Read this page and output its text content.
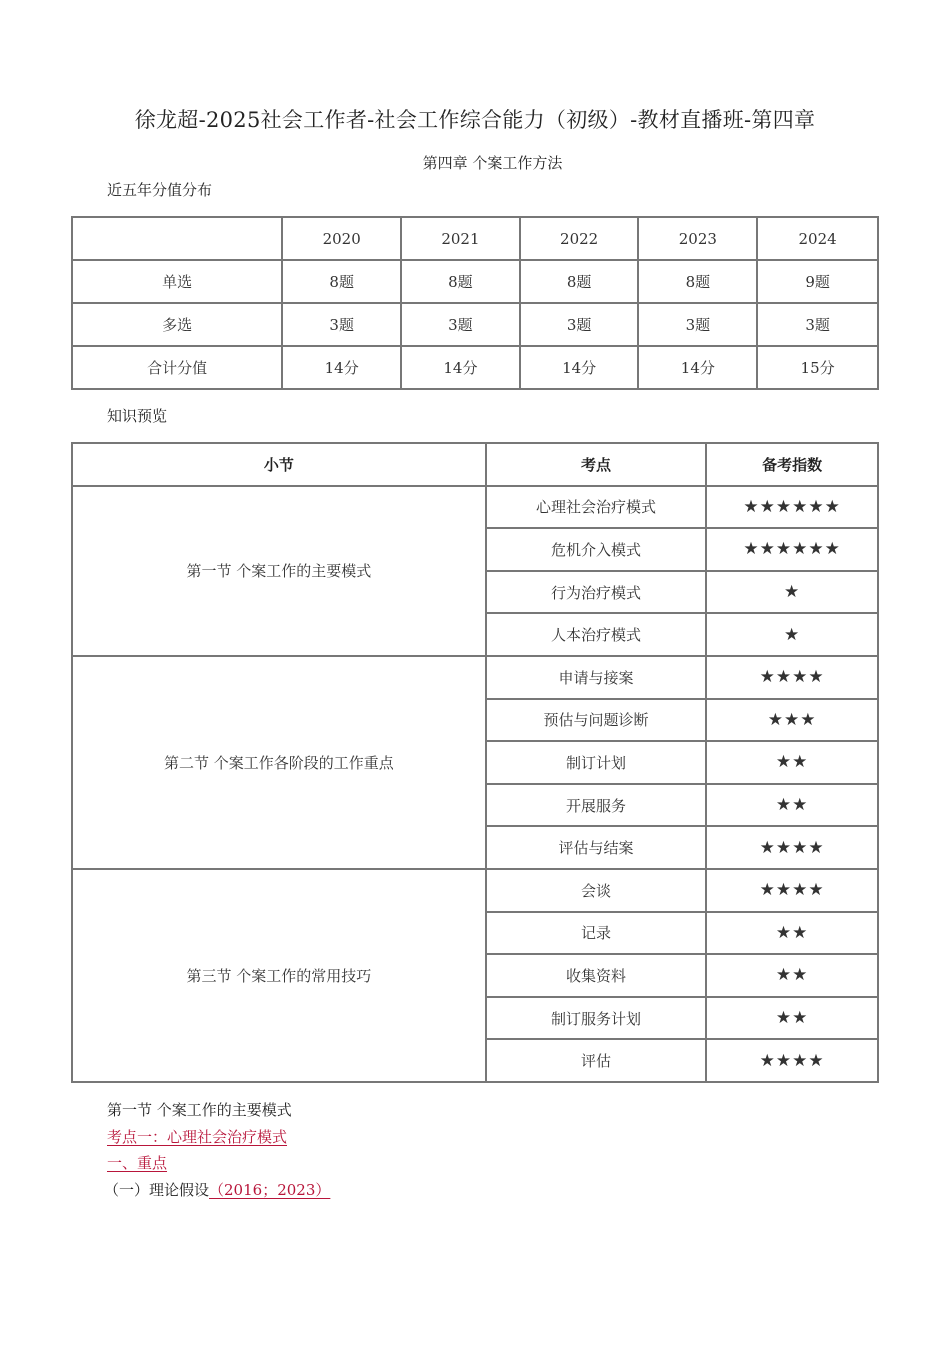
徐龙超-2025社会工作者-社会工作综合能力（初级）-教材直播班-第四章
第四章 个案工作方法
近五年分值分布
	2020	2021	2022	2023	2024
单选	8题	8题	8题	8题	9题
多选	3题	3题	3题	3题	3题
合计分值	14分	14分	14分	14分	15分
知识预览
小节	考点	备考指数
第一节 个案工作的主要模式	心理社会治疗模式	★★★★★★
	危机介入模式	★★★★★★
	行为治疗模式	★
	人本治疗模式	★
第二节 个案工作各阶段的工作重点	申请与接案	★★★★
	预估与问题诊断	★★★
	制订计划	★★
	开展服务	★★
	评估与结案	★★★★
第三节 个案工作的常用技巧	会谈	★★★★
	记录	★★
	收集资料	★★
	制订服务计划	★★
	评估	★★★★
第一节 个案工作的主要模式
考点一：心理社会治疗模式
一、重点
（一）理论假设（2016；2023）
